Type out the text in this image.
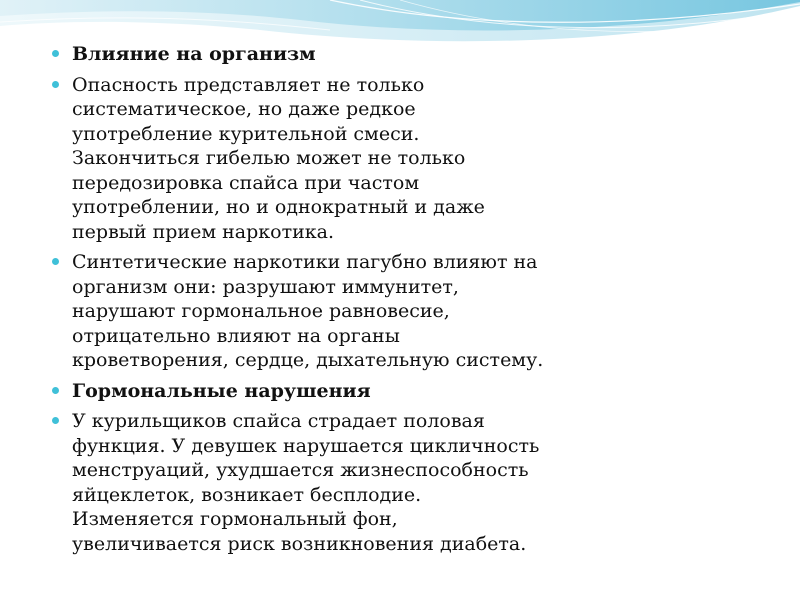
Влияние на организм
Опасность представляет не только
систематическое, но даже редкое
употребление курительной смеси.
Закончиться гибелью может не только
передозировка спайса при частом
употреблении, но и однократный и даже
первый прием наркотика.
Синтетические наркотики пагубно влияют на
организм они: разрушают иммунитет,
нарушают гормональное равновесие,
отрицательно влияют на органы
кроветворения, сердце, дыхательную систему.
Гормональные нарушения
У курильщиков спайса страдает половая
функция. У девушек нарушается цикличность
менструаций, ухудшается жизнеспособность
яйцеклеток, возникает бесплодие.
Изменяется гормональный фон,
увеличивается риск возникновения диабета.
